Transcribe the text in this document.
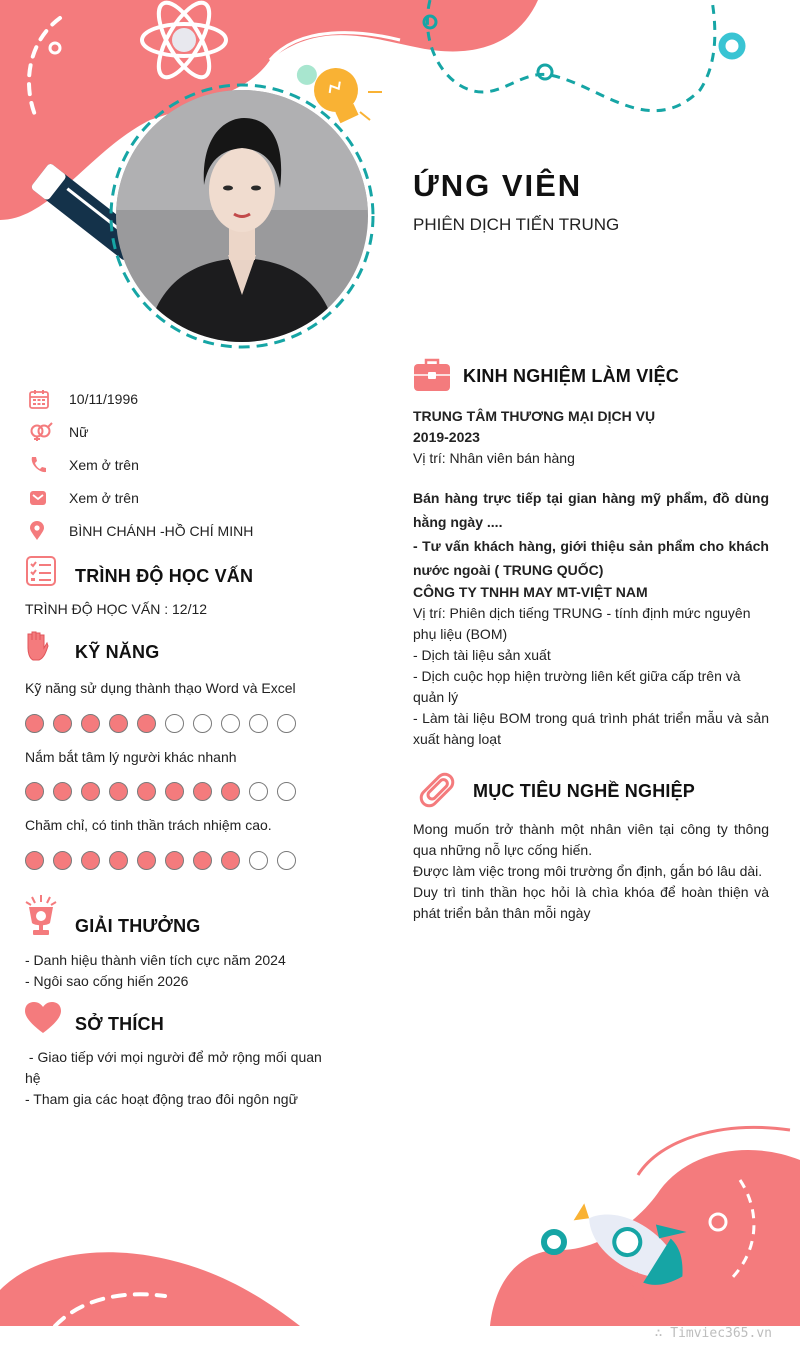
ỨNG VIÊN
PHIÊN DỊCH TIẾN TRUNG
10/11/1996
Nữ
Xem ở trên
Xem ở trên
BÌNH CHÁNH -HỒ CHÍ MINH
TRÌNH ĐỘ HỌC VẤN
TRÌNH ĐỘ HỌC VẤN : 12/12
KỸ NĂNG
Kỹ năng sử dụng thành thạo Word và Excel
Nắm bắt tâm lý người khác nhanh
Chăm chỉ, có tinh thần trách nhiệm cao.
GIẢI THƯỞNG
- Danh hiệu thành viên tích cực năm 2024
- Ngôi sao cống hiến 2026
SỞ THÍCH
- Giao tiếp với mọi người để mở rộng mối quan hệ
- Tham gia các hoạt động trao đôi ngôn ngữ
KINH NGHIỆM LÀM VIỆC
TRUNG TÂM THƯƠNG MẠI DỊCH VỤ
2019-2023
Vị trí: Nhân viên bán hàng
Bán hàng trực tiếp tại gian hàng mỹ phẩm, đồ dùng hằng ngày ....
- Tư vấn khách hàng, giới thiệu sản phẩm cho khách nước ngoài ( TRUNG QUỐC)
CÔNG TY TNHH MAY MT-VIỆT NAM
Vị trí: Phiên dịch tiếng TRUNG - tính định mức nguyên phụ liệu (BOM)
- Dịch tài liệu sản xuất
- Dịch cuộc họp hiện trường liên kết giữa cấp trên và quản lý
- Làm tài liệu BOM trong quá trình phát triển mẫu và sản xuất hàng loạt
MỤC TIÊU NGHỀ NGHIỆP
Mong muốn trở thành một nhân viên tại công ty thông qua những nỗ lực cống hiến.
Được làm việc trong môi trường ổn định, gắn bó lâu dài.
Duy trì tinh thần học hỏi là chìa khóa để hoàn thiện và phát triển bản thân mỗi ngày
∴ Timviec365.vn
